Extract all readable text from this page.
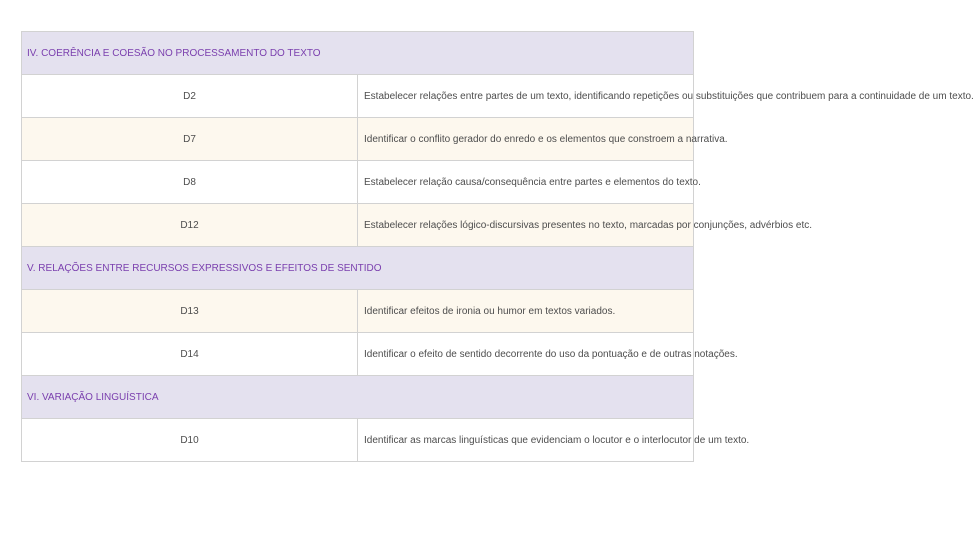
IV. COERÊNCIA E COESÃO NO PROCESSAMENTO DO TEXTO	
D2	Estabelecer relações entre partes de um texto, identificando repetições ou substituições que contribuem para a continuidade de um texto.
D7	Identificar o conflito gerador do enredo e os elementos que constroem a narrativa.
D8	Estabelecer relação causa/consequência entre partes e elementos do texto.
D12	Estabelecer relações lógico-discursivas presentes no texto, marcadas por conjunções, advérbios etc.
V. RELAÇÕES ENTRE RECURSOS EXPRESSIVOS E EFEITOS DE SENTIDO	
D13	Identificar efeitos de ironia ou humor em textos variados.
D14	Identificar o efeito de sentido decorrente do uso da pontuação e de outras notações.
VI. VARIAÇÃO LINGUÍSTICA	
D10	Identificar as marcas linguísticas que evidenciam o locutor e o interlocutor de um texto.
